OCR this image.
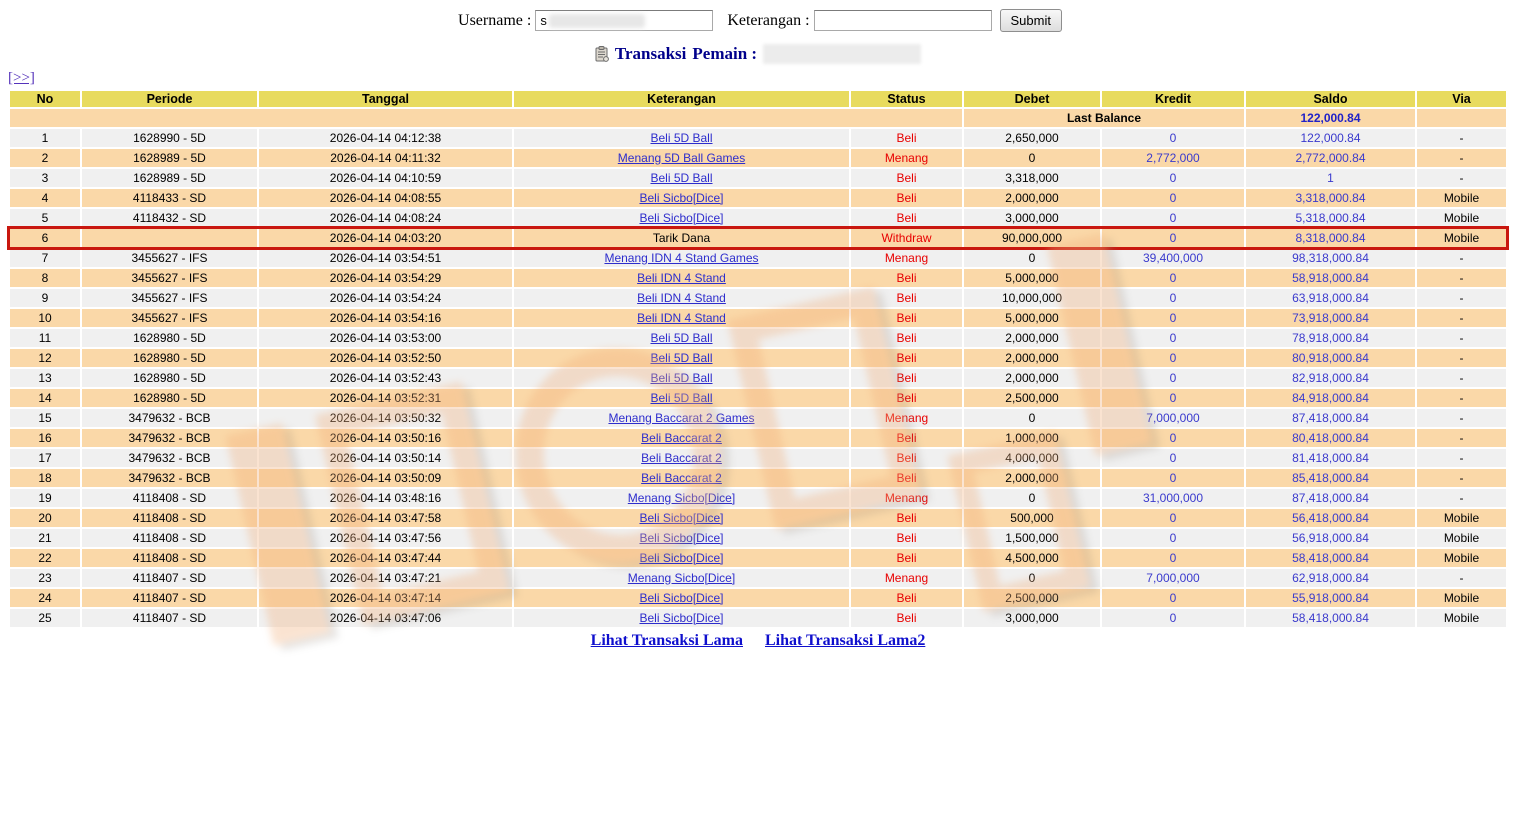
Username :
s	Keterangan :	Submit
Transaksi Pemain :
[>>]
No	Periode	Tanggal	Keterangan	Status	Debet	Kredit	Saldo	Via
					Last Balance		122,000.84	
1	1628990 - 5D	2026-04-14 04:12:38	Beli 5D Ball	Beli	2,650,000	0	122,000.84	-
2	1628989 - 5D	2026-04-14 04:11:32	Menang 5D Ball Games	Menang	0	2,772,000	2,772,000.84	-
3	1628989 - 5D	2026-04-14 04:10:59	Beli 5D Ball	Beli	3,318,000	0	1	-
4	4118433 - SD	2026-04-14 04:08:55	Beli Sicbo[Dice]	Beli	2,000,000	0	3,318,000.84	Mobile
5	4118432 - SD	2026-04-14 04:08:24	Beli Sicbo[Dice]	Beli	3,000,000	0	5,318,000.84	Mobile
6		2026-04-14 04:03:20	Tarik Dana	Withdraw	90,000,000	0	8,318,000.84	Mobile
7	3455627 - IFS	2026-04-14 03:54:51	Menang IDN 4 Stand Games	Menang	0	39,400,000	98,318,000.84	-
8	3455627 - IFS	2026-04-14 03:54:29	Beli IDN 4 Stand	Beli	5,000,000	0	58,918,000.84	-
9	3455627 - IFS	2026-04-14 03:54:24	Beli IDN 4 Stand	Beli	10,000,000	0	63,918,000.84	-
10	3455627 - IFS	2026-04-14 03:54:16	Beli IDN 4 Stand	Beli	5,000,000	0	73,918,000.84	-
11	1628980 - 5D	2026-04-14 03:53:00	Beli 5D Ball	Beli	2,000,000	0	78,918,000.84	-
12	1628980 - 5D	2026-04-14 03:52:50	Beli 5D Ball	Beli	2,000,000	0	80,918,000.84	-
13	1628980 - 5D	2026-04-14 03:52:43	Beli 5D Ball	Beli	2,000,000	0	82,918,000.84	-
14	1628980 - 5D	2026-04-14 03:52:31	Beli 5D Ball	Beli	2,500,000	0	84,918,000.84	-
15	3479632 - BCB	2026-04-14 03:50:32	Menang Baccarat 2 Games	Menang	0	7,000,000	87,418,000.84	-
16	3479632 - BCB	2026-04-14 03:50:16	Beli Baccarat 2	Beli	1,000,000	0	80,418,000.84	-
17	3479632 - BCB	2026-04-14 03:50:14	Beli Baccarat 2	Beli	4,000,000	0	81,418,000.84	-
18	3479632 - BCB	2026-04-14 03:50:09	Beli Baccarat 2	Beli	2,000,000	0	85,418,000.84	-
19	4118408 - SD	2026-04-14 03:48:16	Menang Sicbo[Dice]	Menang	0	31,000,000	87,418,000.84	-
20	4118408 - SD	2026-04-14 03:47:58	Beli Sicbo[Dice]	Beli	500,000	0	56,418,000.84	Mobile
21	4118408 - SD	2026-04-14 03:47:56	Beli Sicbo[Dice]	Beli	1,500,000	0	56,918,000.84	Mobile
22	4118408 - SD	2026-04-14 03:47:44	Beli Sicbo[Dice]	Beli	4,500,000	0	58,418,000.84	Mobile
23	4118407 - SD	2026-04-14 03:47:21	Menang Sicbo[Dice]	Menang	0	7,000,000	62,918,000.84	-
24	4118407 - SD	2026-04-14 03:47:14	Beli Sicbo[Dice]	Beli	2,500,000	0	55,918,000.84	Mobile
25	4118407 - SD	2026-04-14 03:47:06	Beli Sicbo[Dice]	Beli	3,000,000	0	58,418,000.84	Mobile
Lihat Transaksi Lama Lihat Transaksi Lama2
